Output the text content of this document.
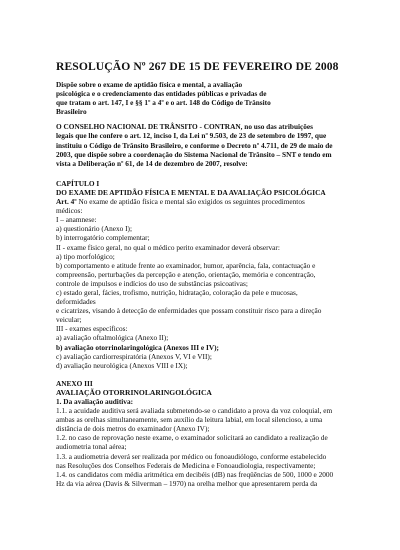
RESOLUÇÃO Nº 267 DE 15 DE FEVEREIRO DE 2008

Dispõe sobre o exame de aptidão física e mental, a avaliação
psicológica e o credenciamento das entidades públicas e privadas de
que tratam o art. 147, I e §§ 1º a 4º e o art. 148 do Código de Trânsito
Brasileiro

O CONSELHO NACIONAL DE TRÂNSITO - CONTRAN, no uso das atribuições
legais que lhe confere o art. 12, inciso I, da Lei nº 9.503, de 23 de setembro de 1997, que
instituiu o Código de Trânsito Brasileiro, e conforme o Decreto nº 4.711, de 29 de maio de
2003, que dispõe sobre a coordenação do Sistema Nacional de Trânsito – SNT e tendo em
vista a Deliberação nº 61, de 14 de dezembro de 2007, resolve:

CAPÍTULO I

DO EXAME DE APTIDÃO FÍSICA E MENTAL E DA AVALIAÇÃO PSICOLÓGICA

Art. 4º No exame de aptidão física e mental são exigidos os seguintes procedimentos
médicos:

I – anamnese:

a) questionário (Anexo I);

b) interrogatório complementar;

II - exame físico geral, no qual o médico perito examinador deverá observar:

a) tipo morfológico;

b) comportamento e atitude frente ao examinador, humor, aparência, fala, contactuação e
compreensão, perturbações da percepção e atenção, orientação, memória e concentração,
controle de impulsos e indícios do uso de substâncias psicoativas;

c) estado geral, fácies, trofismo, nutrição, hidratação, coloração da pele e mucosas,
deformidades

e cicatrizes, visando à detecção de enfermidades que possam constituir risco para a direção
veicular;

III - exames específicos:

a) avaliação oftalmológica (Anexo II);

b) avaliação otorrinolaringológica (Anexos III e IV);

c) avaliação cardiorrespiratória (Anexos V, VI e VII);

d) avaliação neurológica (Anexos VIII e IX);

ANEXO III

AVALIAÇÃO OTORRINOLARINGOLÓGICA

1. Da avaliação auditiva:

1.1. a acuidade auditiva será avaliada submetendo-se o candidato a prova da voz coloquial, em
ambas as orelhas simultaneamente, sem auxílio da leitura labial, em local silencioso, a uma
distância de dois metros do examinador (Anexo IV);

1.2. no caso de reprovação neste exame, o examinador solicitará ao candidato a realização de
audiometria tonal aérea;

1.3. a audiometria deverá ser realizada por médico ou fonoaudiólogo, conforme estabelecido
nas Resoluções dos Conselhos Federais de Medicina e Fonoaudiologia, respectivamente;

1.4. os candidatos com média aritmética em decibéis (dB) nas freqüências de 500, 1000 e 2000
Hz da via aérea (Davis & Silverman – 1970) na orelha melhor que apresentarem perda da
